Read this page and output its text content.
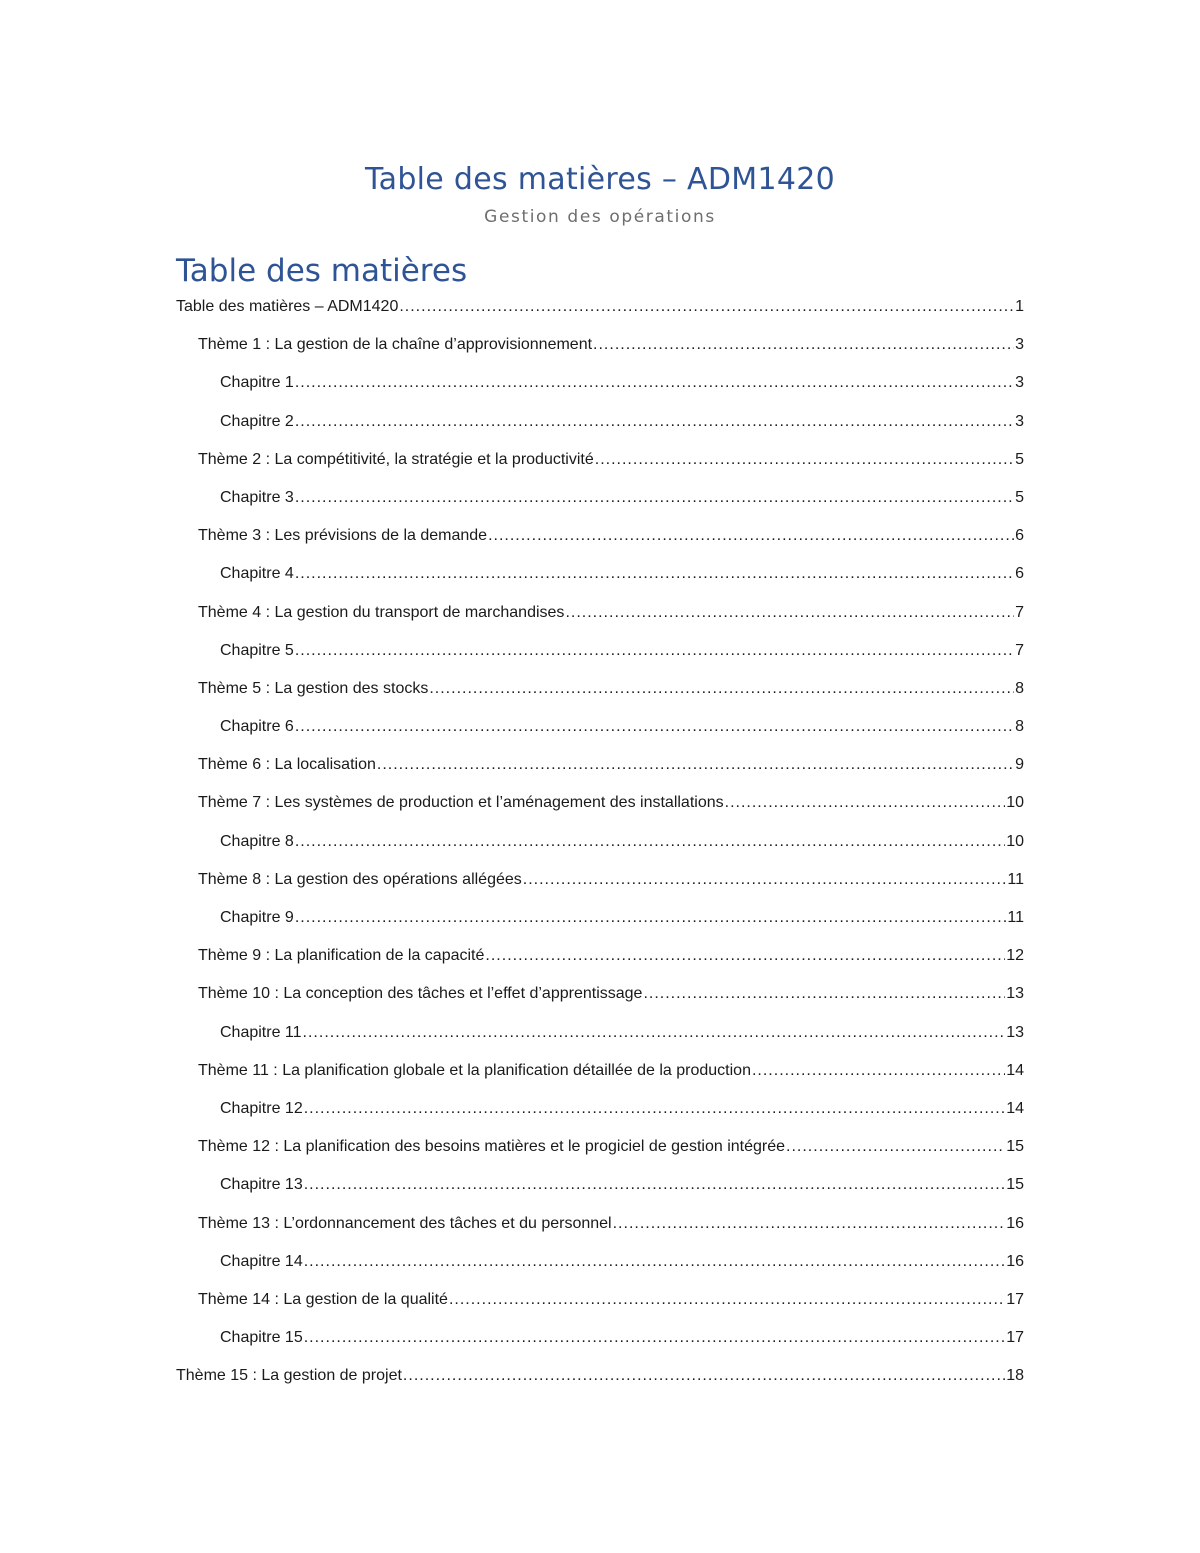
Table des matières – ADM1420
Gestion des opérations
Table des matières
Table des matières – ADM1420 .....	1
Thème 1 : La gestion de la chaîne d’approvisionnement .....	3
Chapitre 1 .....	3
Chapitre 2 .....	3
Thème 2 : La compétitivité, la stratégie et la productivité .....	5
Chapitre 3 .....	5
Thème 3 : Les prévisions de la demande .....	6
Chapitre 4 .....	6
Thème 4 : La gestion du transport de marchandises .....	7
Chapitre 5 .....	7
Thème 5 : La gestion des stocks .....	8
Chapitre 6 .....	8
Thème 6 : La localisation .....	9
Thème 7 : Les systèmes de production et l’aménagement des installations .....	10
Chapitre 8 .....	10
Thème 8 : La gestion des opérations allégées .....	11
Chapitre 9 .....	11
Thème 9 : La planification de la capacité .....	12
Thème 10 : La conception des tâches et l’effet d’apprentissage .....	13
Chapitre 11 .....	13
Thème 11 : La planification globale et la planification détaillée de la production .....	14
Chapitre 12 .....	14
Thème 12 : La planification des besoins matières et le progiciel de gestion intégrée .....	15
Chapitre 13 .....	15
Thème 13 : L’ordonnancement des tâches et du personnel .....	16
Chapitre 14 .....	16
Thème 14 : La gestion de la qualité .....	17
Chapitre 15 .....	17
Thème 15 : La gestion de projet .....	18
